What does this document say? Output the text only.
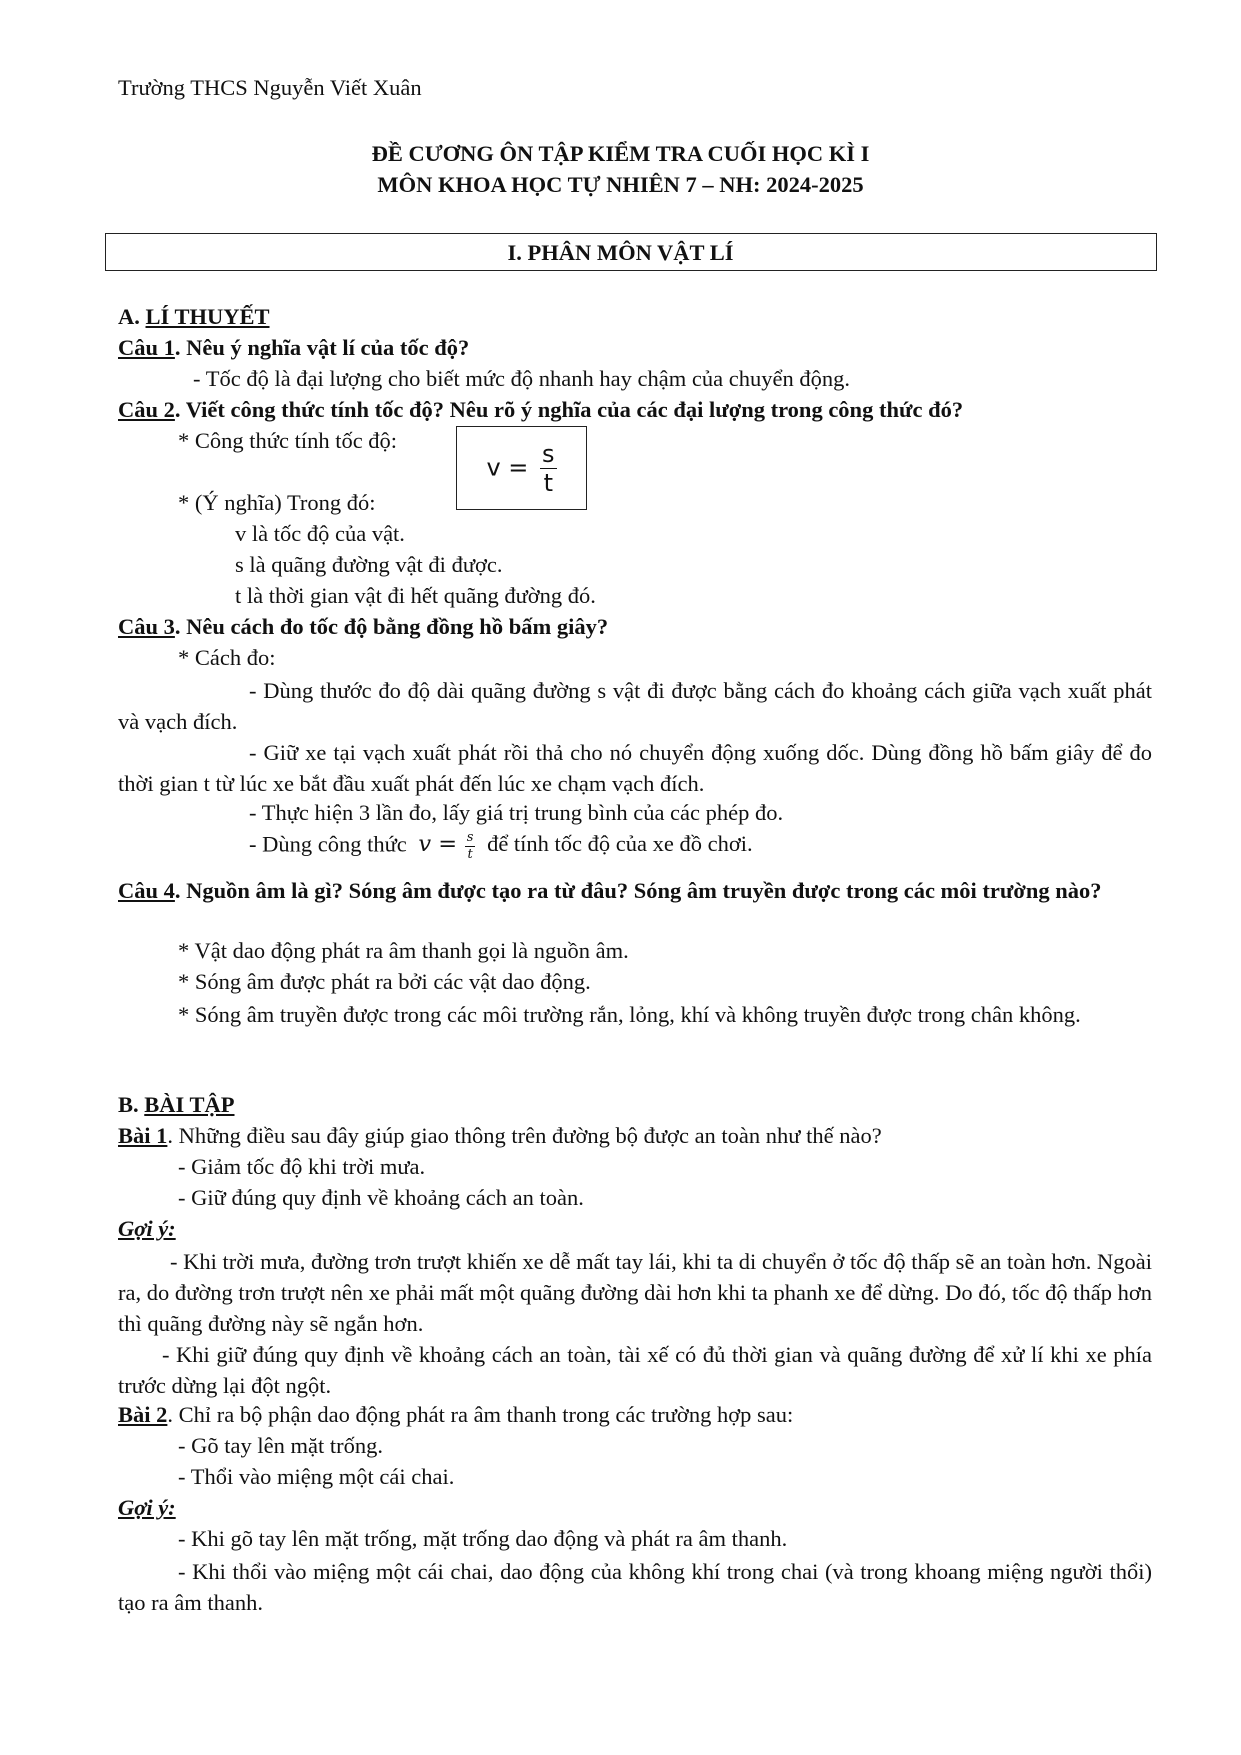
Trường THCS Nguyễn Viết Xuân
ĐỀ CƯƠNG ÔN TẬP KIỂM TRA CUỐI HỌC KÌ I
MÔN KHOA HỌC TỰ NHIÊN 7 – NH: 2024-2025
I. PHÂN MÔN VẬT LÍ
A. LÍ THUYẾT
Câu 1. Nêu ý nghĩa vật lí của tốc độ?
- Tốc độ là đại lượng cho biết mức độ nhanh hay chậm của chuyển động.
Câu 2. Viết công thức tính tốc độ? Nêu rõ ý nghĩa của các đại lượng trong công thức đó?
* Công thức tính tốc độ:
$v = \frac{s}{t}$
* (Ý nghĩa) Trong đó:
v là tốc độ của vật.
s là quãng đường vật đi được.
t là thời gian vật đi hết quãng đường đó.
Câu 3. Nêu cách đo tốc độ bằng đồng hồ bấm giây?
* Cách đo:
- Dùng thước đo độ dài quãng đường s vật đi được bằng cách đo khoảng cách giữa vạch xuất phát và vạch đích.
- Giữ xe tại vạch xuất phát rồi thả cho nó chuyển động xuống dốc. Dùng đồng hồ bấm giây để đo thời gian t từ lúc xe bắt đầu xuất phát đến lúc xe chạm vạch đích.
- Thực hiện 3 lần đo, lấy giá trị trung bình của các phép đo.
- Dùng công thức $v = \frac{s}{t}$ để tính tốc độ của xe đồ chơi.
Câu 4. Nguồn âm là gì? Sóng âm được tạo ra từ đâu? Sóng âm truyền được trong các môi trường nào?
* Vật dao động phát ra âm thanh gọi là nguồn âm.
* Sóng âm được phát ra bởi các vật dao động.
* Sóng âm truyền được trong các môi trường rắn, lỏng, khí và không truyền được trong chân không.
B. BÀI TẬP
Bài 1. Những điều sau đây giúp giao thông trên đường bộ được an toàn như thế nào?
- Giảm tốc độ khi trời mưa.
- Giữ đúng quy định về khoảng cách an toàn.
Gợi ý:
- Khi trời mưa, đường trơn trượt khiến xe dễ mất tay lái, khi ta di chuyển ở tốc độ thấp sẽ an toàn hơn. Ngoài ra, do đường trơn trượt nên xe phải mất một quãng đường dài hơn khi ta phanh xe để dừng. Do đó, tốc độ thấp hơn thì quãng đường này sẽ ngắn hơn.
- Khi giữ đúng quy định về khoảng cách an toàn, tài xế có đủ thời gian và quãng đường để xử lí khi xe phía trước dừng lại đột ngột.
Bài 2. Chỉ ra bộ phận dao động phát ra âm thanh trong các trường hợp sau:
- Gõ tay lên mặt trống.
- Thổi vào miệng một cái chai.
Gợi ý:
- Khi gõ tay lên mặt trống, mặt trống dao động và phát ra âm thanh.
- Khi thổi vào miệng một cái chai, dao động của không khí trong chai (và trong khoang miệng người thổi) tạo ra âm thanh.
